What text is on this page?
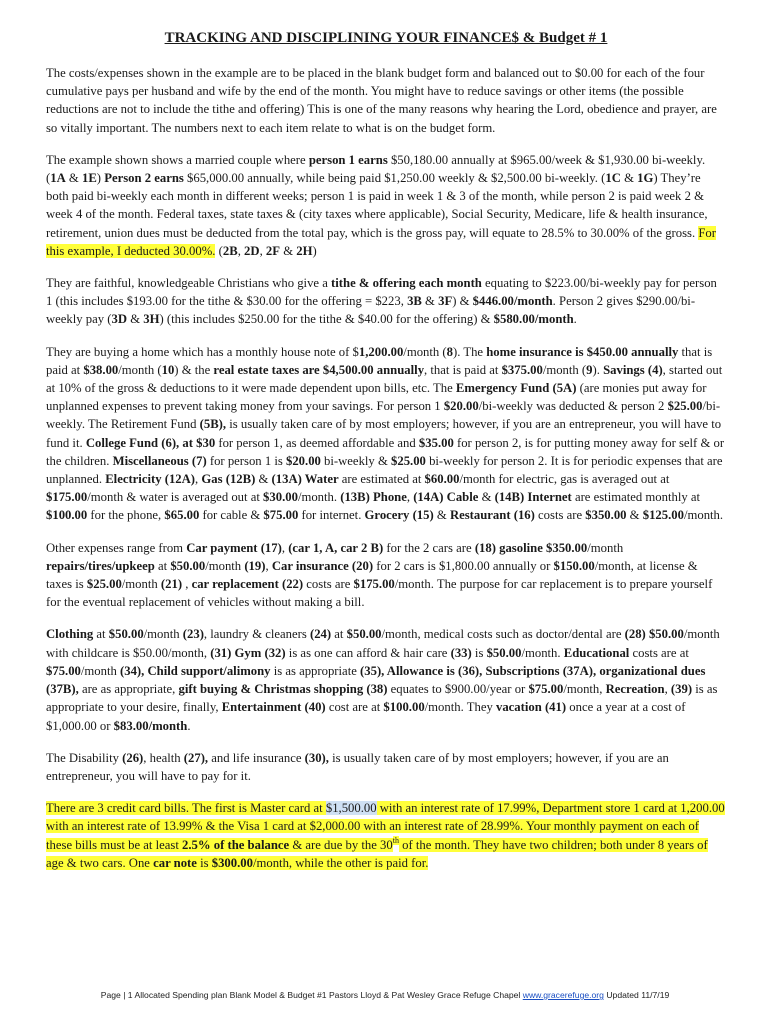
TRACKING AND DISCIPLINING YOUR FINANCE$ & Budget # 1

The costs/expenses shown in the example are to be placed in the blank budget form and balanced out to $0.00 for each of the four cumulative pays per husband and wife by the end of the month. You might have to reduce savings or other items (the possible reductions are not to include the tithe and offering) This is one of the many reasons why hearing the Lord, obedience and prayer, are so vitally important. The numbers next to each item relate to what is on the budget form.

The example shown shows a married couple where person 1 earns $50,180.00 annually at $965.00/week & $1,930.00 bi-weekly. (1A & 1E) Person 2 earns $65,000.00 annually, while being paid $1,250.00 weekly & $2,500.00 bi-weekly. (1C & 1G) They’re both paid bi-weekly each month in different weeks; person 1 is paid in week 1 & 3 of the month, while person 2 is paid week 2 & week 4 of the month. Federal taxes, state taxes & (city taxes where applicable), Social Security, Medicare, life & health insurance, retirement, union dues must be deducted from the total pay, which is the gross pay, will equate to 28.5% to 30.00% of the gross. For this example, I deducted 30.00%. (2B, 2D, 2F & 2H)

They are faithful, knowledgeable Christians who give a tithe & offering each month equating to $223.00/bi-weekly pay for person 1 (this includes $193.00 for the tithe & $30.00 for the offering = $223, 3B & 3F) & $446.00/month. Person 2 gives $290.00/bi-weekly pay (3D & 3H) (this includes $250.00 for the tithe & $40.00 for the offering) & $580.00/month.

They are buying a home which has a monthly house note of $1,200.00/month (8). The home insurance is $450.00 annually that is paid at $38.00/month (10) & the real estate taxes are $4,500.00 annually, that is paid at $375.00/month (9). Savings (4), started out at 10% of the gross & deductions to it were made dependent upon bills, etc. The Emergency Fund (5A) (are monies put away for unplanned expenses to prevent taking money from your savings. For person 1 $20.00/bi-weekly was deducted & person 2 $25.00/bi-weekly. The Retirement Fund (5B), is usually taken care of by most employers; however, if you are an entrepreneur, you will have to fund it. College Fund (6), at $30 for person 1, as deemed affordable and $35.00 for person 2, is for putting money away for self & or the children. Miscellaneous (7) for person 1 is $20.00 bi-weekly & $25.00 bi-weekly for person 2. It is for periodic expenses that are unplanned. Electricity (12A), Gas (12B) & (13A) Water are estimated at $60.00/month for electric, gas is averaged out at $175.00/month & water is averaged out at $30.00/month. (13B) Phone, (14A) Cable & (14B) Internet are estimated monthly at $100.00 for the phone, $65.00 for cable & $75.00 for internet. Grocery (15) & Restaurant (16) costs are $350.00 & $125.00/month.

Other expenses range from Car payment (17), (car 1, A, car 2 B) for the 2 cars are (18) gasoline $350.00/month repairs/tires/upkeep at $50.00/month (19), Car insurance (20) for 2 cars is $1,800.00 annually or $150.00/month, at license & taxes is $25.00/month (21) , car replacement (22) costs are $175.00/month. The purpose for car replacement is to prepare yourself for the eventual replacement of vehicles without making a bill.

Clothing at $50.00/month (23), laundry & cleaners (24) at $50.00/month, medical costs such as doctor/dental are (28) $50.00/month with childcare is $50.00/month, (31) Gym (32) is as one can afford & hair care (33) is $50.00/month. Educational costs are at $75.00/month (34), Child support/alimony is as appropriate (35), Allowance is (36), Subscriptions (37A), organizational dues (37B), are as appropriate, gift buying & Christmas shopping (38) equates to $900.00/year or $75.00/month, Recreation, (39) is as appropriate to your desire, finally, Entertainment (40) cost are at $100.00/month. They vacation (41) once a year at a cost of $1,000.00 or $83.00/month.

The Disability (26), health (27), and life insurance (30), is usually taken care of by most employers; however, if you are an entrepreneur, you will have to pay for it.

There are 3 credit card bills. The first is Master card at $1,500.00 with an interest rate of 17.99%, Department store 1 card at 1,200.00 with an interest rate of 13.99% & the Visa 1 card at $2,000.00 with an interest rate of 28.99%. Your monthly payment on each of these bills must be at least 2.5% of the balance & are due by the 30th of the month. They have two children; both under 8 years of age & two cars. One car note is $300.00/month, while the other is paid for.

Page | 1 Allocated Spending plan Blank Model & Budget #1 Pastors Lloyd & Pat Wesley Grace Refuge Chapel www.gracerefuge.org Updated 11/7/19
